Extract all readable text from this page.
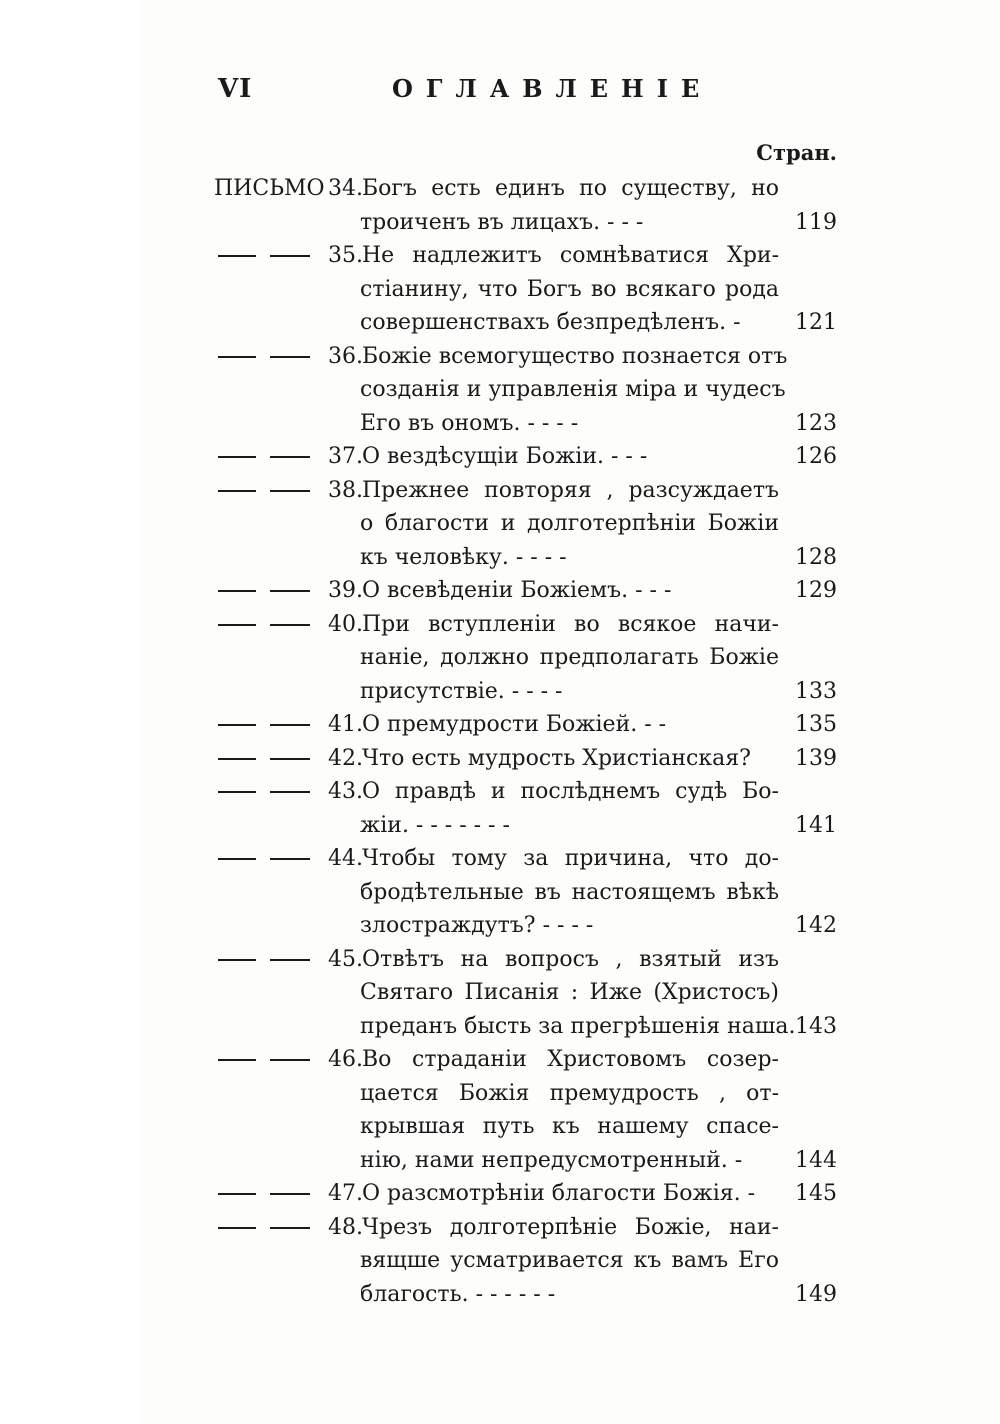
VI	ОГЛАВЛЕНІЕ
Стран.
ПИСЬМО 34. Богъ есть единъ по существу, но
троиченъ въ лицахъ. - - -	119
35. Не надлежитъ сомнѣватися Хри-
стіанину, что Богъ во всякаго рода
совершенствахъ безпредѣленъ. -	121
36. Божіе всемогущество познается отъ
созданія и управленія міра и чудесъ
Его въ ономъ. - - - -	123
37. О вездѣсущіи Божіи. - - -	126
38. Прежнее повторяя , разсуждаетъ
о благости и долготерпѣніи Божіи
къ человѣку. - - - -	128
39. О всевѣденіи Божіемъ. - - -	129
40. При вступленіи во всякое начи-
наніе, должно предполагать Божіе
присутствіе. - - - -	133
41. О премудрости Божіей. - -	135
42. Что есть мудрость Христіанская?	139
43. О правдѣ и послѣднемъ судѣ Бо-
жіи. - - - - - - -	141
44. Чтобы тому за причина, что до-
бродѣтельные въ настоящемъ вѣкѣ
злостраждутъ? - - - -	142
45. Отвѣтъ на вопросъ , взятый изъ
Святаго Писанія : Иже (Христосъ)
преданъ бысть за прегрѣшенія наша. 143
46. Во страданіи Христовомъ созер-
цается Божія премудрость , от-
крывшая путь къ нашему спасе-
нію, нами непредусмотренный. -	144
47. О разсмотрѣніи благости Божія. -	145
48. Чрезъ долготерпѣніе Божіе, наи-
вящше усматривается къ вамъ Его
благость. - - - - - -	149
